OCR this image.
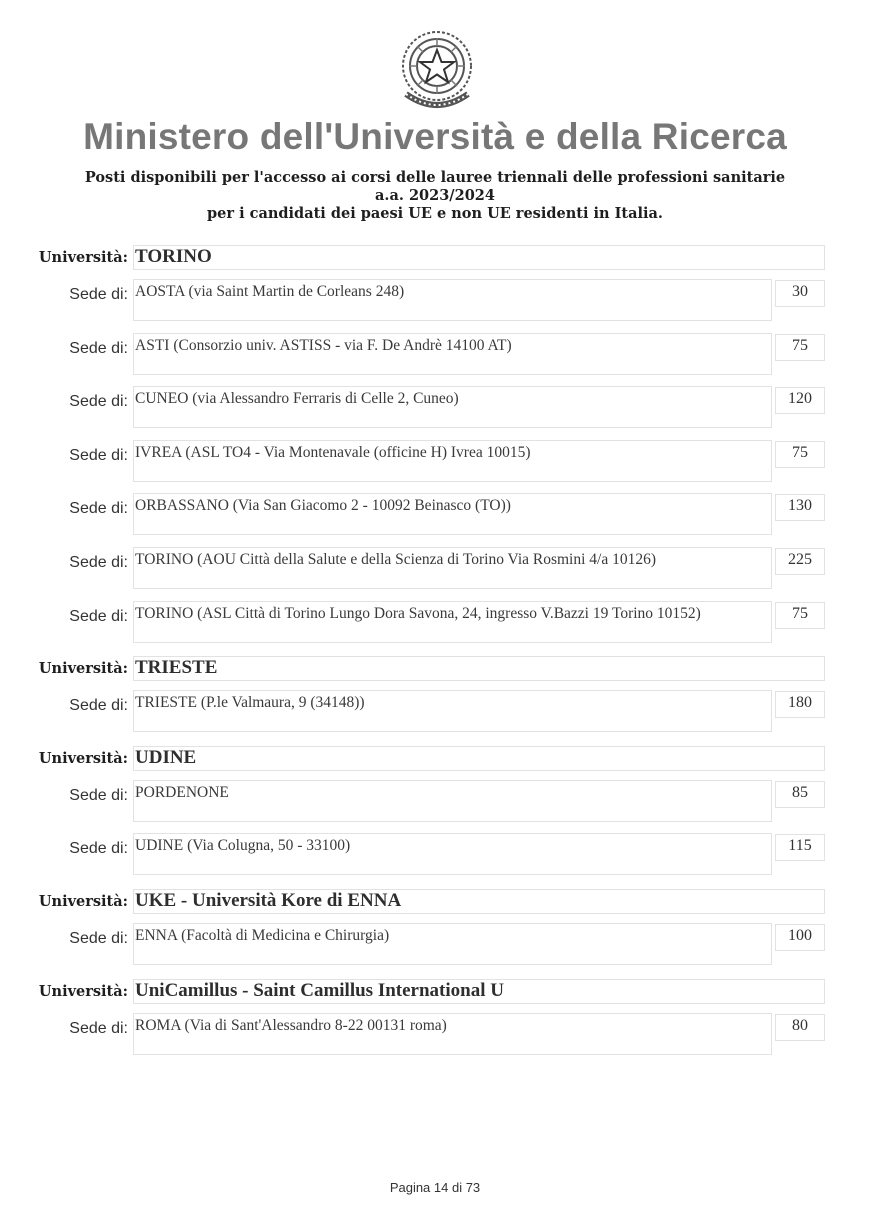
Ministero dell'Università e della Ricerca
Posti disponibili per l'accesso ai corsi delle lauree triennali delle professioni sanitarie
a.a. 2023/2024
per i candidati dei paesi UE e non UE residenti in Italia.
Università: TORINO
Sede di: AOSTA (via Saint Martin de Corleans 248)	30
Sede di: ASTI (Consorzio univ. ASTISS - via F. De Andrè 14100 AT)	75
Sede di: CUNEO (via Alessandro Ferraris di Celle 2, Cuneo)	120
Sede di: IVREA (ASL TO4 - Via Montenavale (officine H) Ivrea 10015)	75
Sede di: ORBASSANO (Via San Giacomo 2 - 10092 Beinasco (TO))	130
Sede di: TORINO (AOU Città della Salute e della Scienza di Torino Via Rosmini 4/a 10126)	225
Sede di: TORINO (ASL Città di Torino Lungo Dora Savona, 24, ingresso V.Bazzi 19 Torino 10152)	75
Università: TRIESTE
Sede di: TRIESTE (P.le Valmaura, 9 (34148))	180
Università: UDINE
Sede di: PORDENONE	85
Sede di: UDINE (Via Colugna, 50 - 33100)	115
Università: UKE - Università Kore di ENNA
Sede di: ENNA (Facoltà di Medicina e Chirurgia)	100
Università: UniCamillus - Saint Camillus International U
Sede di: ROMA (Via di Sant'Alessandro 8-22 00131 roma)	80
Pagina 14 di 73
